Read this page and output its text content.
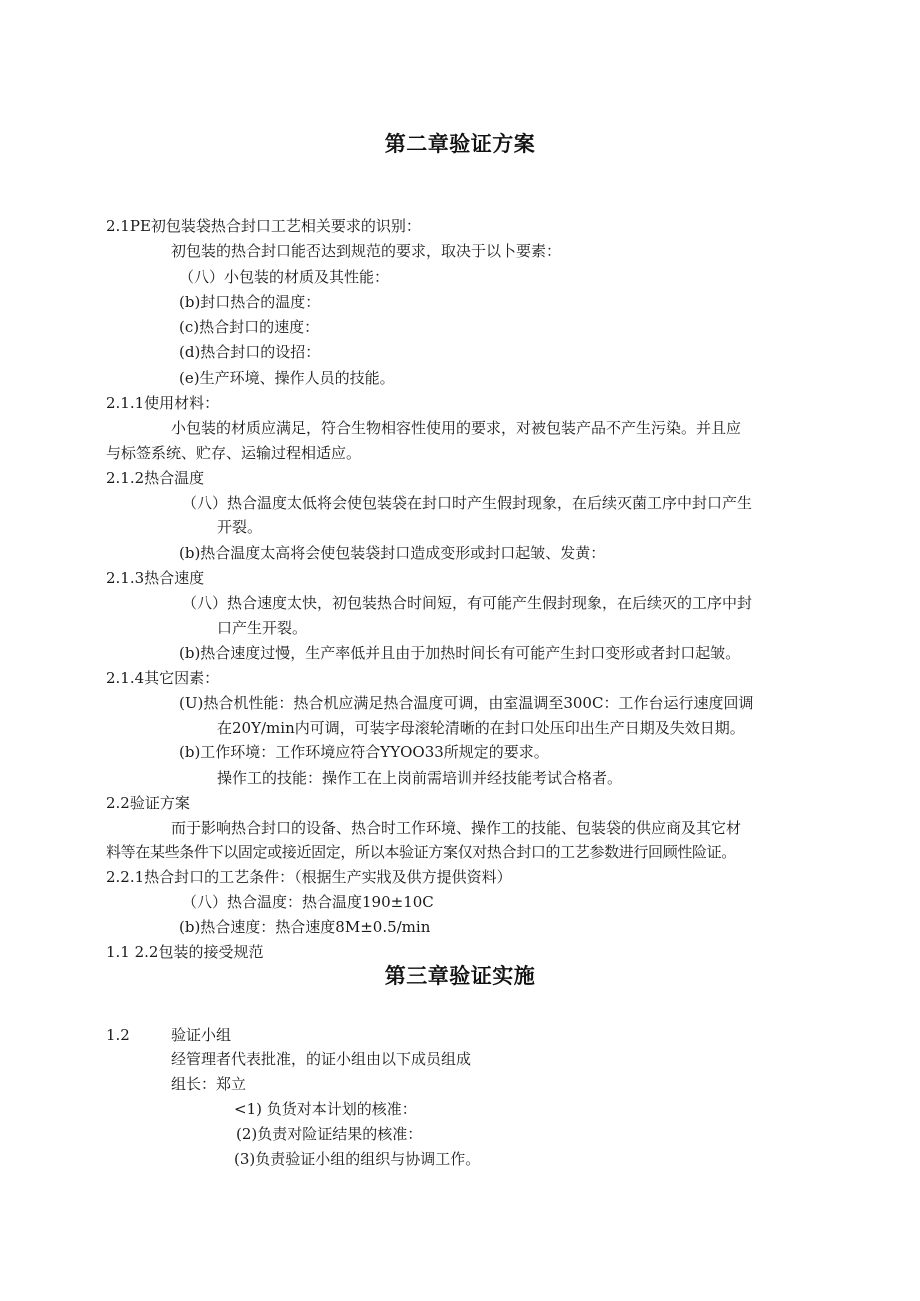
第二章验证方案
2.1PE初包装袋热合封口工艺相关要求的识别：
初包装的热合封口能否达到规范的要求，取决于以卜要素：
（八）小包装的材质及其性能：
(b)封口热合的温度：
(c)热合封口的速度：
(d)热合封口的设招：
(e)生产环境、操作人员的技能。
2.1.1使用材料：
小包装的材质应满足，符合生物相容性使用的要求，对被包装产品不产生污染。并且应
与标签系统、贮存、运输过程相适应。
2.1.2热合温度
（八）热合温度太低将会使包装袋在封口时产生假封现象，在后续灭菌工序中封口产生
开裂。
(b)热合温度太高将会使包装袋封口造成变形或封口起皱、发黄：
2.1.3热合速度
（八）热合速度太快，初包装热合时间短，有可能产生假封现象，在后续灭的工序中封
口产生开裂。
(b)热合速度过慢，生产率低并且由于加热时间长有可能产生封口变形或者封口起皱。
2.1.4其它因素：
(U)热合机性能：热合机应满足热合温度可调，由室温调至300C：工作台运行速度回调
在20Y∕min内可调，可装字母滚轮清晰的在封口处压印出生产日期及失效日期。
(b)工作环境：工作环境应符合YYOO33所规定的要求。
操作工的技能：操作工在上岗前需培训并经技能考试合格者。
2.2验证方案
而于影响热合封口的设备、热合时工作环境、操作工的技能、包装袋的供应商及其它材
料等在某些条件下以固定或接近固定，所以本验证方案仅对热合封口的工艺参数进行回顾性险证。
2.2.1热合封口的工艺条件：（根据生产实戕及供方提供资料）
（八）热合温度：热合温度190±10C
(b)热合速度：热合速度8M±0.5∕min
1.1 2.2包装的接受规范
第三章验证实施
1.2	验证小组
经管理者代表批准，的证小组由以下成员组成
组长：郑立
<1) 负货对本计划的核准：
(2)负责对险证结果的核准：
(3)负责验证小组的组织与协调工作。
